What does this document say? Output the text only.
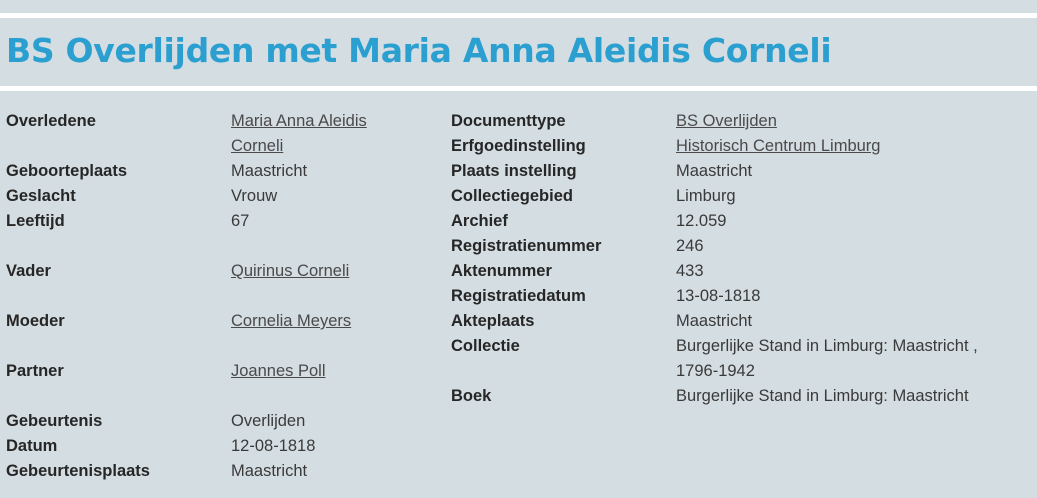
BS Overlijden met Maria Anna Aleidis Corneli
Overledene	Maria Anna Aleidis Corneli
Geboorteplaats	Maastricht
Geslacht	Vrouw
Leeftijd	67
Vader	Quirinus Corneli
Moeder	Cornelia Meyers
Partner	Joannes Poll
Gebeurtenis	Overlijden
Datum	12-08-1818
Gebeurtenisplaats	Maastricht
Documenttype	BS Overlijden
Erfgoedinstelling	Historisch Centrum Limburg
Plaats instelling	Maastricht
Collectiegebied	Limburg
Archief	12.059
Registratienummer	246
Aktenummer	433
Registratiedatum	13-08-1818
Akteplaats	Maastricht
Collectie	Burgerlijke Stand in Limburg: Maastricht , 1796-1942
Boek	Burgerlijke Stand in Limburg: Maastricht
